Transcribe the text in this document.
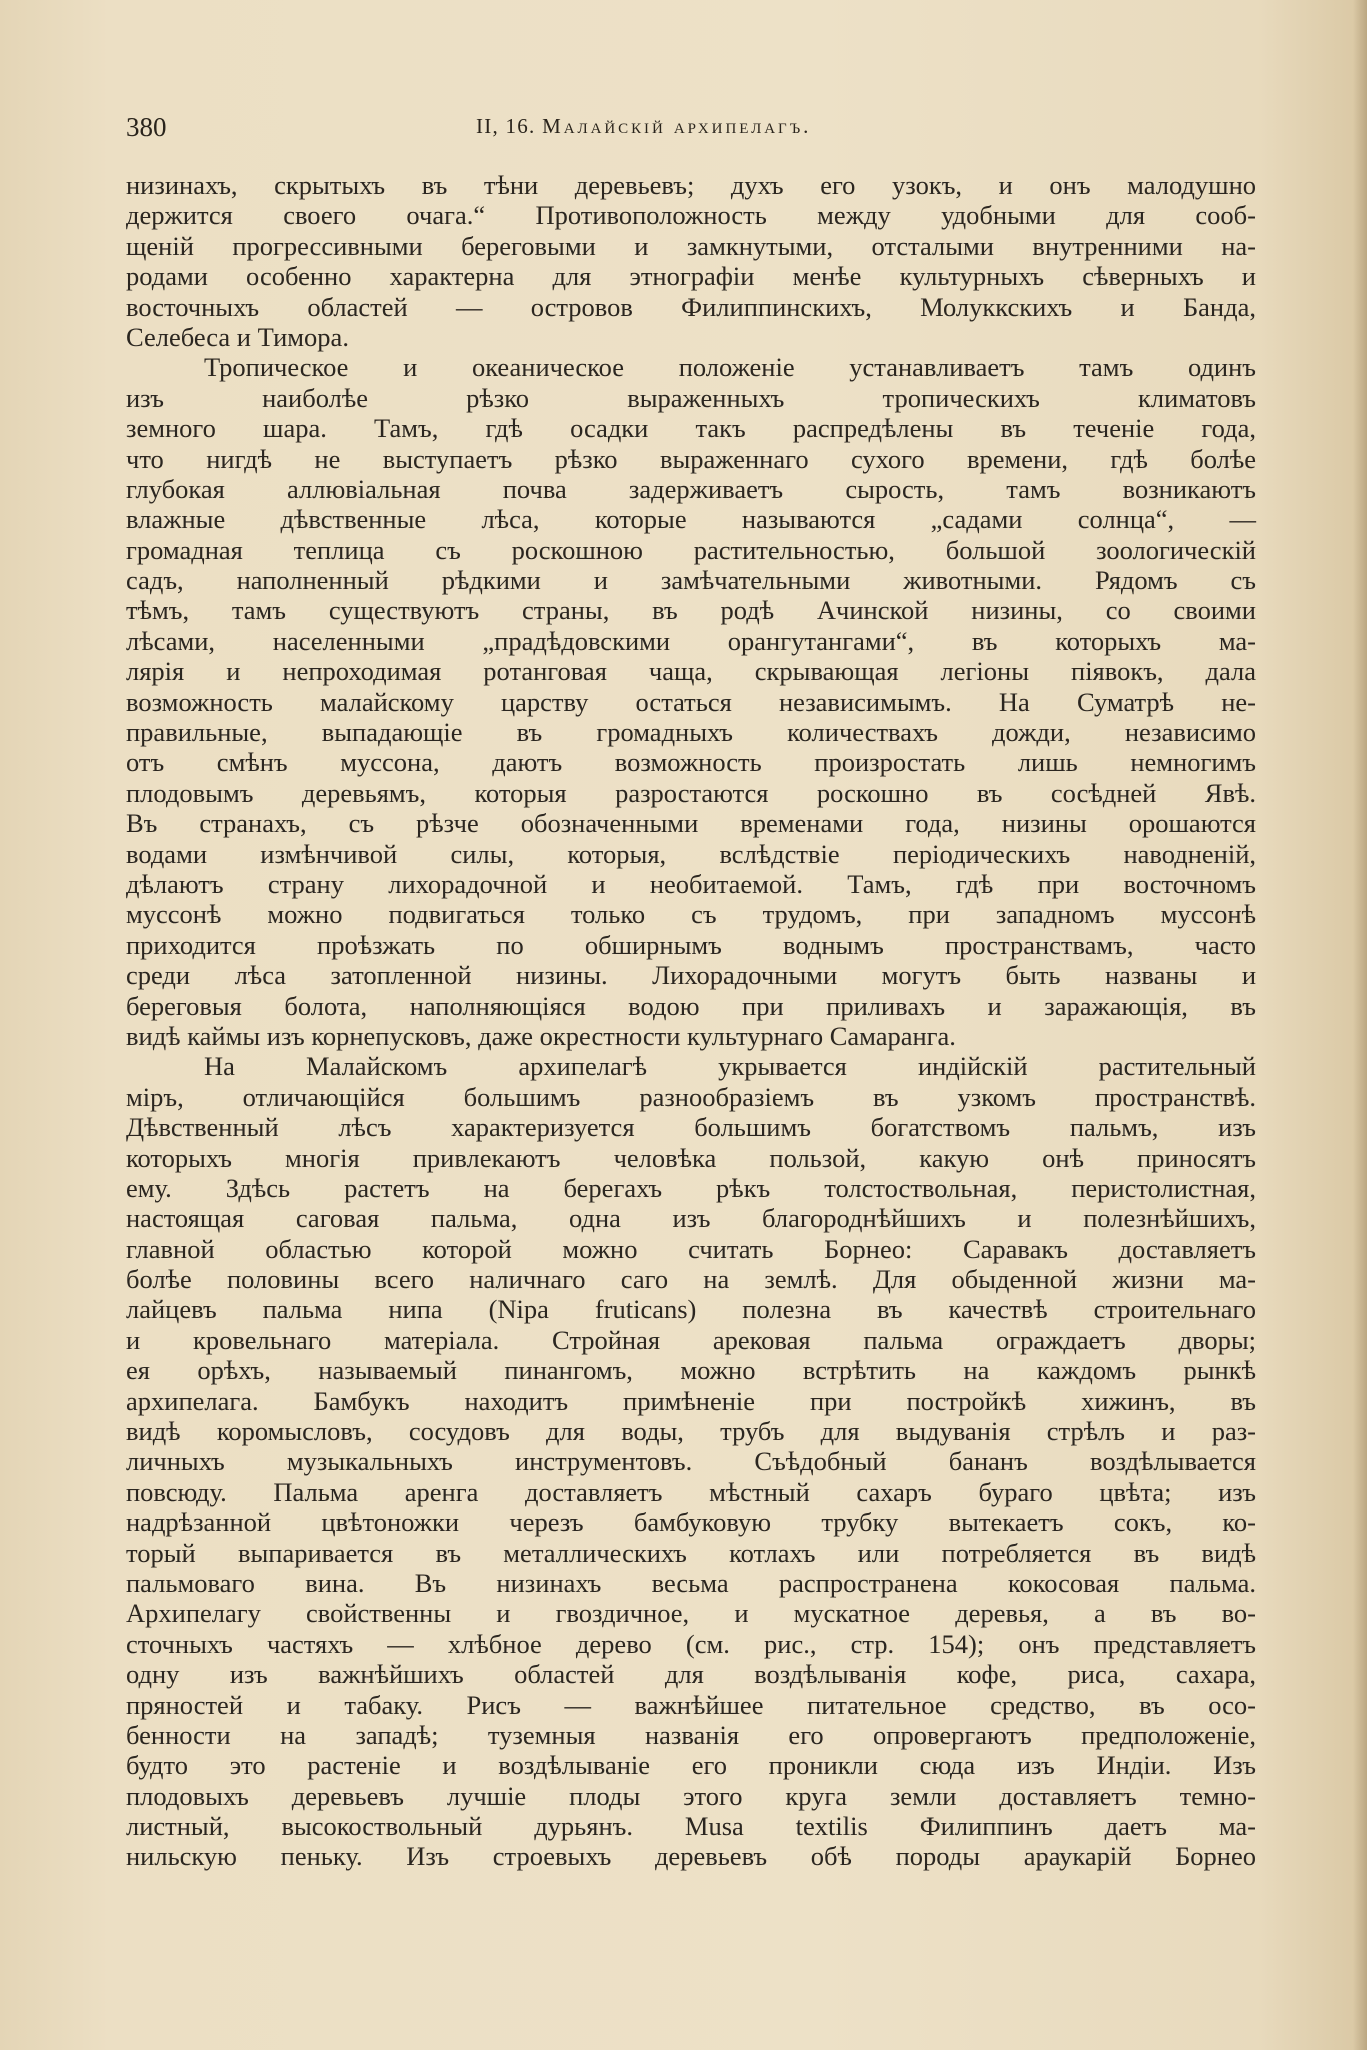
380	II, 16. Малайскій архипелагъ.
низинахъ, скрытыхъ въ тѣни деревьевъ; духъ его узокъ, и онъ малодушно
держится своего очага.“ Противоположность между удобными для сооб-
щеній прогрессивными береговыми и замкнутыми, отсталыми внутренними на-
родами особенно характерна для этнографіи менѣе культурныхъ сѣверныхъ и
восточныхъ областей — островов Филиппинскихъ, Молуккскихъ и Банда,
Селебеса и Тимора.
Тропическое и океаническое положеніе устанавливаетъ тамъ одинъ
изъ наиболѣе рѣзко выраженныхъ тропическихъ климатовъ
земного шара. Тамъ, гдѣ осадки такъ распредѣлены въ теченіе года,
что нигдѣ не выступаетъ рѣзко выраженнаго сухого времени, гдѣ болѣе
глубокая аллювіальная почва задерживаетъ сырость, тамъ возникаютъ
влажные дѣвственные лѣса, которые называются „садами солнца“, —
громадная теплица съ роскошною растительностью, большой зоологическій
садъ, наполненный рѣдкими и замѣчательными животными. Рядомъ съ
тѣмъ, тамъ существуютъ страны, въ родѣ Ачинской низины, со своими
лѣсами, населенными „прадѣдовскими орангутангами“, въ которыхъ ма-
лярія и непроходимая ротанговая чаща, скрывающая легіоны піявокъ, дала
возможность малайскому царству остаться независимымъ. На Суматрѣ не-
правильные, выпадающіе въ громадныхъ количествахъ дожди, независимо
отъ смѣнъ муссона, даютъ возможность произростать лишь немногимъ
плодовымъ деревьямъ, которыя разростаются роскошно въ сосѣдней Явѣ.
Въ странахъ, съ рѣзче обозначенными временами года, низины орошаются
водами измѣнчивой силы, которыя, вслѣдствіе періодическихъ наводненій,
дѣлаютъ страну лихорадочной и необитаемой. Тамъ, гдѣ при восточномъ
муссонѣ можно подвигаться только съ трудомъ, при западномъ муссонѣ
приходится проѣзжать по обширнымъ воднымъ пространствамъ, часто
среди лѣса затопленной низины. Лихорадочными могутъ быть названы и
береговыя болота, наполняющіяся водою при приливахъ и заражающія, въ
видѣ каймы изъ корнепусковъ, даже окрестности культурнаго Самаранга.
На Малайскомъ архипелагѣ укрывается индійскій растительный
міръ, отличающійся большимъ разнообразіемъ въ узкомъ пространствѣ.
Дѣвственный лѣсъ характеризуется большимъ богатствомъ пальмъ, изъ
которыхъ многія привлекаютъ человѣка пользой, какую онѣ приносятъ
ему. Здѣсь растетъ на берегахъ рѣкъ толстоствольная, перистолистная,
настоящая саговая пальма, одна изъ благороднѣйшихъ и полезнѣйшихъ,
главной областью которой можно считать Борнео: Саравакъ доставляетъ
болѣе половины всего наличнаго саго на землѣ. Для обыденной жизни ма-
лайцевъ пальма нипа (Nipa fruticans) полезна въ качествѣ строительнаго
и кровельнаго матеріала. Стройная арековая пальма ограждаетъ дворы;
ея орѣхъ, называемый пинангомъ, можно встрѣтить на каждомъ рынкѣ
архипелага. Бамбукъ находитъ примѣненіе при постройкѣ хижинъ, въ
видѣ коромысловъ, сосудовъ для воды, трубъ для выдуванія стрѣлъ и раз-
личныхъ музыкальныхъ инструментовъ. Съѣдобный бананъ воздѣлывается
повсюду. Пальма аренга доставляетъ мѣстный сахаръ бураго цвѣта; изъ
надрѣзанной цвѣтоножки черезъ бамбуковую трубку вытекаетъ сокъ, ко-
торый выпаривается въ металлическихъ котлахъ или потребляется въ видѣ
пальмоваго вина. Въ низинахъ весьма распространена кокосовая пальма.
Архипелагу свойственны и гвоздичное, и мускатное деревья, а въ во-
сточныхъ частяхъ — хлѣбное дерево (см. рис., стр. 154); онъ представляетъ
одну изъ важнѣйшихъ областей для воздѣлыванія кофе, риса, сахара,
пряностей и табаку. Рисъ — важнѣйшее питательное средство, въ осо-
бенности на западѣ; туземныя названія его опровергаютъ предположеніе,
будто это растеніе и воздѣлываніе его проникли сюда изъ Индіи. Изъ
плодовыхъ деревьевъ лучшіе плоды этого круга земли доставляетъ темно-
листный, высокоствольный дурьянъ. Musa textilis Филиппинъ даетъ ма-
нильскую пеньку. Изъ строевыхъ деревьевъ обѣ породы араукарій Борнео
